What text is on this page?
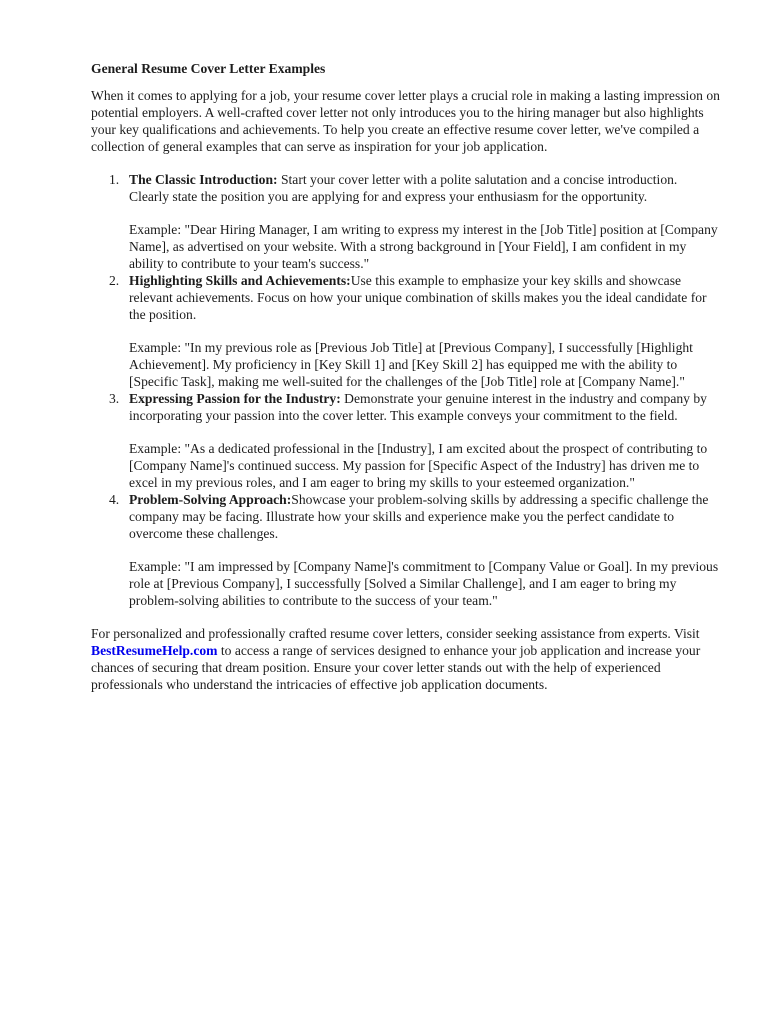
General Resume Cover Letter Examples

When it comes to applying for a job, your resume cover letter plays a crucial role in making a lasting impression on potential employers. A well-crafted cover letter not only introduces you to the hiring manager but also highlights your key qualifications and achievements. To help you create an effective resume cover letter, we've compiled a collection of general examples that can serve as inspiration for your job application.

1. The Classic Introduction: Start your cover letter with a polite salutation and a concise introduction. Clearly state the position you are applying for and express your enthusiasm for the opportunity.

Example: "Dear Hiring Manager, I am writing to express my interest in the [Job Title] position at [Company Name], as advertised on your website. With a strong background in [Your Field], I am confident in my ability to contribute to your team's success."

2. Highlighting Skills and Achievements:Use this example to emphasize your key skills and showcase relevant achievements. Focus on how your unique combination of skills makes you the ideal candidate for the position.

Example: "In my previous role as [Previous Job Title] at [Previous Company], I successfully [Highlight Achievement]. My proficiency in [Key Skill 1] and [Key Skill 2] has equipped me with the ability to [Specific Task], making me well-suited for the challenges of the [Job Title] role at [Company Name]."

3. Expressing Passion for the Industry: Demonstrate your genuine interest in the industry and company by incorporating your passion into the cover letter. This example conveys your commitment to the field.

Example: "As a dedicated professional in the [Industry], I am excited about the prospect of contributing to [Company Name]'s continued success. My passion for [Specific Aspect of the Industry] has driven me to excel in my previous roles, and I am eager to bring my skills to your esteemed organization."

4. Problem-Solving Approach:Showcase your problem-solving skills by addressing a specific challenge the company may be facing. Illustrate how your skills and experience make you the perfect candidate to overcome these challenges.

Example: "I am impressed by [Company Name]'s commitment to [Company Value or Goal]. In my previous role at [Previous Company], I successfully [Solved a Similar Challenge], and I am eager to bring my problem-solving abilities to contribute to the success of your team."

For personalized and professionally crafted resume cover letters, consider seeking assistance from experts. Visit BestResumeHelp.com to access a range of services designed to enhance your job application and increase your chances of securing that dream position. Ensure your cover letter stands out with the help of experienced professionals who understand the intricacies of effective job application documents.
